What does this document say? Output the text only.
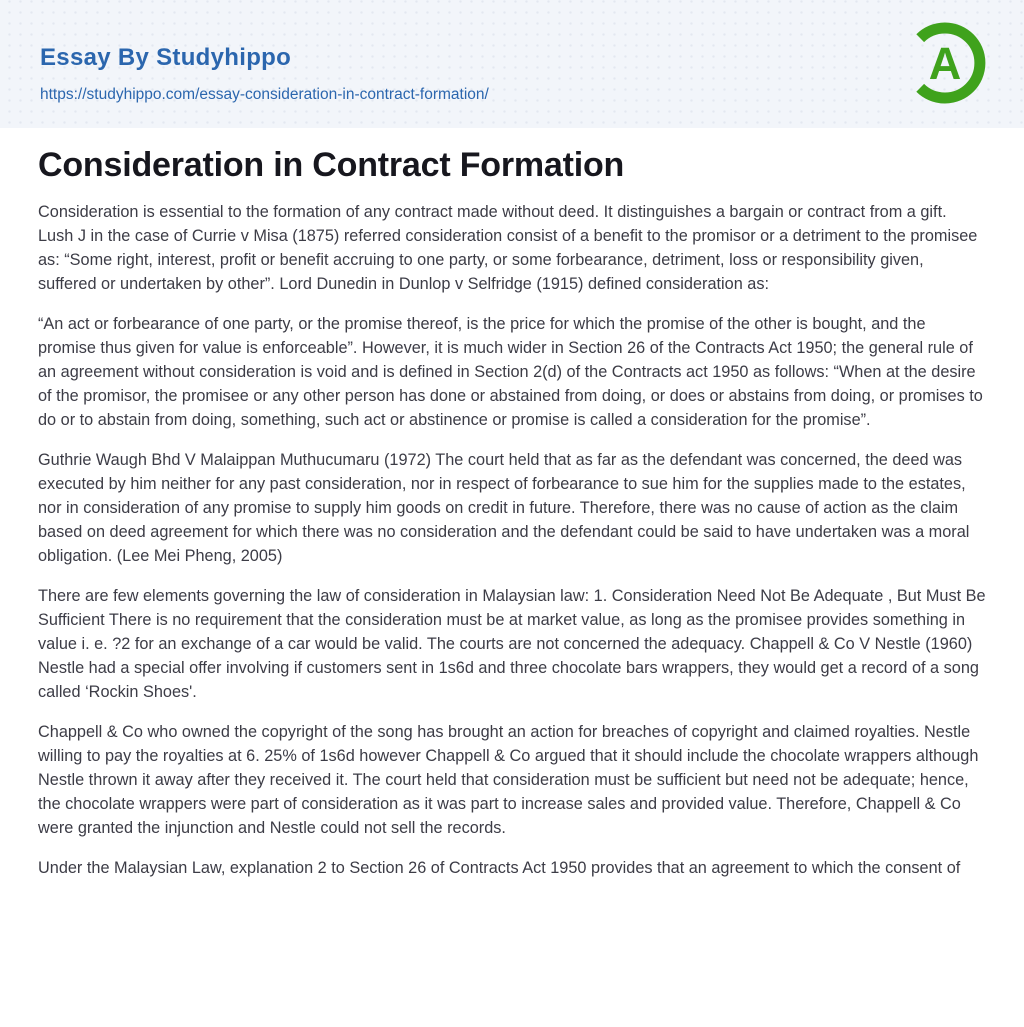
Essay By Studyhippo
https://studyhippo.com/essay-consideration-in-contract-formation/
A
Consideration in Contract Formation

Consideration is essential to the formation of any contract made without deed. It distinguishes a bargain or contract from a gift. Lush J in the case of Currie v Misa (1875) referred consideration consist of a benefit to the promisor or a detriment to the promisee as: “Some right, interest, profit or benefit accruing to one party, or some forbearance, detriment, loss or responsibility given, suffered or undertaken by other”. Lord Dunedin in Dunlop v Selfridge (1915) defined consideration as:

“An act or forbearance of one party, or the promise thereof, is the price for which the promise of the other is bought, and the promise thus given for value is enforceable”. However, it is much wider in Section 26 of the Contracts Act 1950; the general rule of an agreement without consideration is void and is defined in Section 2(d) of the Contracts act 1950 as follows: “When at the desire of the promisor, the promisee or any other person has done or abstained from doing, or does or abstains from doing, or promises to do or to abstain from doing, something, such act or abstinence or promise is called a consideration for the promise”.

Guthrie Waugh Bhd V Malaippan Muthucumaru (1972) The court held that as far as the defendant was concerned, the deed was executed by him neither for any past consideration, nor in respect of forbearance to sue him for the supplies made to the estates, nor in consideration of any promise to supply him goods on credit in future. Therefore, there was no cause of action as the claim based on deed agreement for which there was no consideration and the defendant could be said to have undertaken was a moral obligation. (Lee Mei Pheng, 2005)

There are few elements governing the law of consideration in Malaysian law: 1. Consideration Need Not Be Adequate , But Must Be Sufficient There is no requirement that the consideration must be at market value, as long as the promisee provides something in value i. e. ?2 for an exchange of a car would be valid. The courts are not concerned the adequacy. Chappell & Co V Nestle (1960) Nestle had a special offer involving if customers sent in 1s6d and three chocolate bars wrappers, they would get a record of a song called ‘Rockin Shoes'.

Chappell & Co who owned the copyright of the song has brought an action for breaches of copyright and claimed royalties. Nestle willing to pay the royalties at 6. 25% of 1s6d however Chappell & Co argued that it should include the chocolate wrappers although Nestle thrown it away after they received it. The court held that consideration must be sufficient but need not be adequate; hence, the chocolate wrappers were part of consideration as it was part to increase sales and provided value. Therefore, Chappell & Co were granted the injunction and Nestle could not sell the records.

Under the Malaysian Law, explanation 2 to Section 26 of Contracts Act 1950 provides that an agreement to which the consent of
